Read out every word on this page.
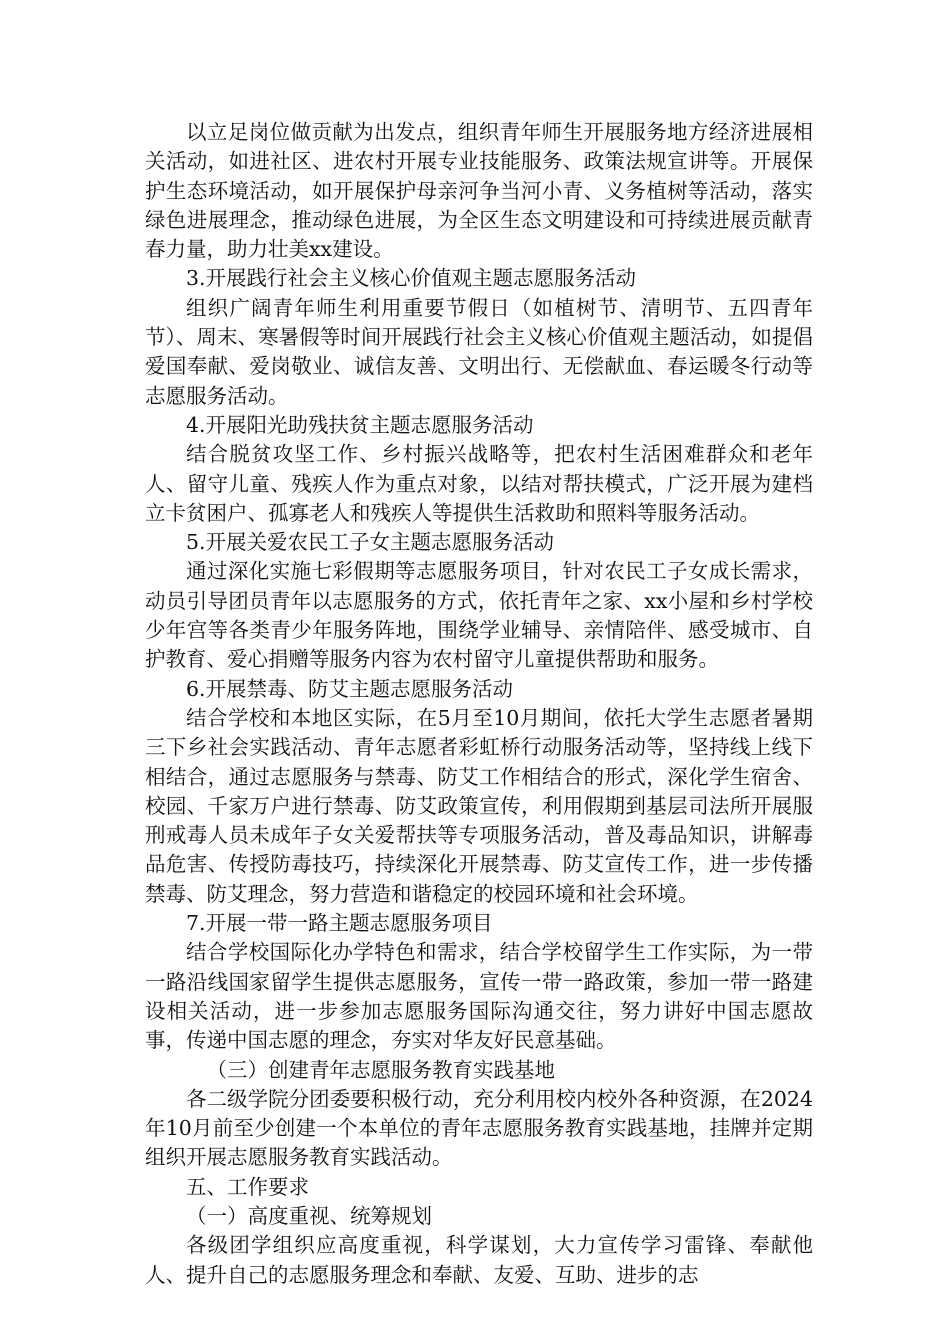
以立足岗位做贡献为出发点，组织青年师生开展服务地方经济进展相关活动，如进社区、进农村开展专业技能服务、政策法规宣讲等。开展保护生态环境活动，如开展保护母亲河争当河小青、义务植树等活动，落实绿色进展理念，推动绿色进展，为全区生态文明建设和可持续进展贡献青春力量，助力壮美xx建设。

3.开展践行社会主义核心价值观主题志愿服务活动

组织广阔青年师生利用重要节假日（如植树节、清明节、五四青年节）、周末、寒暑假等时间开展践行社会主义核心价值观主题活动，如提倡爱国奉献、爱岗敬业、诚信友善、文明出行、无偿献血、春运暖冬行动等志愿服务活动。

4.开展阳光助残扶贫主题志愿服务活动

结合脱贫攻坚工作、乡村振兴战略等，把农村生活困难群众和老年人、留守儿童、残疾人作为重点对象，以结对帮扶模式，广泛开展为建档立卡贫困户、孤寡老人和残疾人等提供生活救助和照料等服务活动。

5.开展关爱农民工子女主题志愿服务活动

通过深化实施七彩假期等志愿服务项目，针对农民工子女成长需求，动员引导团员青年以志愿服务的方式，依托青年之家、xx小屋和乡村学校少年宫等各类青少年服务阵地，围绕学业辅导、亲情陪伴、感受城市、自护教育、爱心捐赠等服务内容为农村留守儿童提供帮助和服务。

6.开展禁毒、防艾主题志愿服务活动

结合学校和本地区实际，在5月至10月期间，依托大学生志愿者暑期三下乡社会实践活动、青年志愿者彩虹桥行动服务活动等，坚持线上线下相结合，通过志愿服务与禁毒、防艾工作相结合的形式，深化学生宿舍、校园、千家万户进行禁毒、防艾政策宣传，利用假期到基层司法所开展服刑戒毒人员未成年子女关爱帮扶等专项服务活动，普及毒品知识，讲解毒品危害、传授防毒技巧，持续深化开展禁毒、防艾宣传工作，进一步传播禁毒、防艾理念，努力营造和谐稳定的校园环境和社会环境。

7.开展一带一路主题志愿服务项目

结合学校国际化办学特色和需求，结合学校留学生工作实际，为一带一路沿线国家留学生提供志愿服务，宣传一带一路政策，参加一带一路建设相关活动，进一步参加志愿服务国际沟通交往，努力讲好中国志愿故事，传递中国志愿的理念，夯实对华友好民意基础。

（三）创建青年志愿服务教育实践基地

各二级学院分团委要积极行动，充分利用校内校外各种资源，在2024年10月前至少创建一个本单位的青年志愿服务教育实践基地，挂牌并定期组织开展志愿服务教育实践活动。

五、工作要求

（一）高度重视、统筹规划

各级团学组织应高度重视，科学谋划，大力宣传学习雷锋、奉献他人、提升自己的志愿服务理念和奉献、友爱、互助、进步的志
